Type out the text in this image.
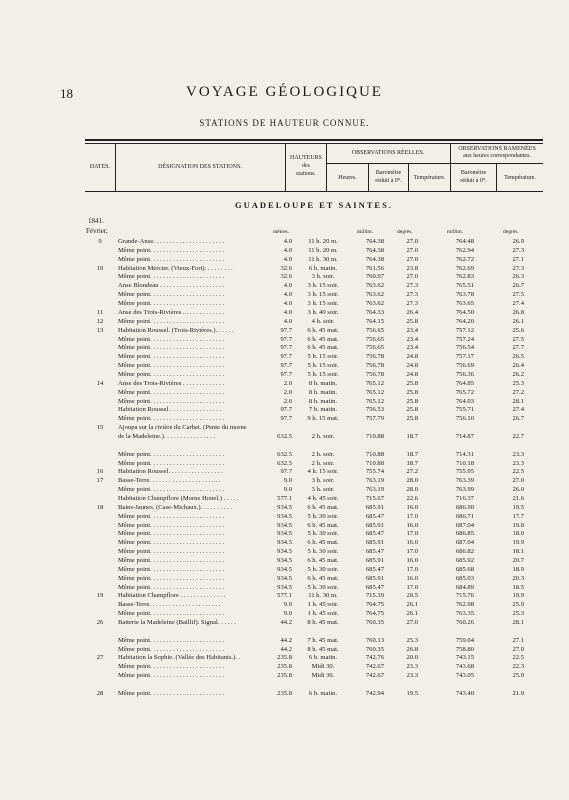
18	VOYAGE GÉOLOGIQUE
STATIONS DE HAUTEUR CONNUE.
DATES.	DÉSIGNATION DES STATIONS.
HAUTEURS
des
stations.
OBSERVATIONS RÉELLES.
OBSERVATIONS RAMENÉES
aux heures correspondantes.
Heures.
Baromètre
réduit à 0°.	Température.
Baromètre
réduit à 0°.	Température.
GUADELOUPE ET SAINTES.
1841.
Février,	mètres.	millim.	degrés.	millim.	degrés.
9	Grande-Anse. . . . . . . . . . . . . . . . . . . . . .	4.0	11 h. 20 m.	764.38	27.0	764.48	26.9
Même point. . . . . . . . . . . . . . . . . . . . . . .	4.0	11 h. 20 m.	764.38	27.0	762.94	27.3
Même point. . . . . . . . . . . . . . . . . . . . . . .	4.0	11 h. 30 m.	764.38	27.0	762.72	27.1
10	Habitation Mercier. (Vieux-Fort). . . . . . . . .	32.6	6 h. matin.	761.56	23.8	762.69	27.3
Même point. . . . . . . . . . . . . . . . . . . . . . .	32.6	3 h. soir.	760.97	27.0	762.83	26.3
Anse Blondeau . . . . . . . . . . . . . . . . . . . .	4.0	3 h. 15 soir.	763.62	27.3	765.51	26.7
Même point. . . . . . . . . . . . . . . . . . . . . . .	4.0	3 h. 15 soir.	763.62	27.3	763.78	27.5
Même point. . . . . . . . . . . . . . . . . . . . . . .	4.0	3 h. 15 soir.	763.62	27.3	763.65	27.4
11	Anse des Trois-Rivières . . . . . . . . . . . . .	4.0	3 h. 40 soir.	764.33	26.4	764.50	26.8
12	Même point. . . . . . . . . . . . . . . . . . . . . . .	4.0	4 h. soir.	764.15	25.8	764.20	26.1
13	Habitation Roussel. (Trois-Rivières.). . . . . .	97.7	6 h. 45 mat.	756.65	23.4	757.12	25.6
Même point. . . . . . . . . . . . . . . . . . . . . . .	97.7	6 h. 45 mat.	756.65	23.4	757.24	27.5
Même point. . . . . . . . . . . . . . . . . . . . . . .	97.7	6 h. 45 mat.	756.65	23.4	756.54	27.7
Même point. . . . . . . . . . . . . . . . . . . . . . .	97.7	5 h. 15 soir.	756.78	24.8	757.17	26.5
Même point. . . . . . . . . . . . . . . . . . . . . . .	97.7	5 h. 15 soir.	756.78	24.8	756.69	26.4
Même point. . . . . . . . . . . . . . . . . . . . . . .	97.7	5 h. 15 soir.	756.78	24.8	756.36	26.2
14	Anse des Trois-Rivières . . . . . . . . . . . . .	2.0	8 h. matin.	765.12	25.8	764.85	25.3
Même point. . . . . . . . . . . . . . . . . . . . . . .	2.0	8 h. matin.	765.12	25.8	765.72	27.2
Même point. . . . . . . . . . . . . . . . . . . . . . .	2.0	8 h. matin.	765.12	25.8	764.03	28.1
Habitation Roussel . . . . . . . . . . . . . . . .	97.7	7 h. matin.	756.53	25.8	755.71	27.4
Même point. . . . . . . . . . . . . . . . . . . . . . .	97.7	9 h. 15 mat.	757.79	25.8	756.10	26.7
15	Ajoupa sur la rivière du Carbet. (Pente du morne
de la Madeleine.). . . . . . . . . . . . . . . .	632.5	2 h. soir.	710.88	18.7	714.87	22.7
Même point. . . . . . . . . . . . . . . . . . . . . . .	632.5	2 h. soir.	710.88	18.7	714.31	23.3
Même point. . . . . . . . . . . . . . . . . . . . . . .	632.5	2 h. soir.	710.88	18.7	710.18	23.3
16	Habitation Roussel. . . . . . . . . . . . . . . . .	97.7	4 h. 15 soir.	755.74	27.2	755.95	22.5
17	Basse-Terre. . . . . . . . . . . . . . . . . . . . . .	9.0	3 h. soir.	763.19	28.0	763.39	27.0
Même point. . . . . . . . . . . . . . . . . . . . . . .	9.0	3 h. soir.	763.19	28.0	763.99	26.0
Habitation Champflore (Morne Houel.) . . . . .	577.1	4 h. 45 soir.	715.67	22.6	716.37	21.6
18	Bains-Jaunes. (Case-Michaux.). . . . . . . . . .	934.5	6 h. 45 mat.	685.91	16.0	686.90	19.5
Même point. . . . . . . . . . . . . . . . . . . . . . .	934.5	5 h. 30 soir.	685.47	17.0	686.71	17.7
Même point. . . . . . . . . . . . . . . . . . . . . . .	934.5	6 h. 45 mat.	685.91	16.0	687.04	19.8
Même point. . . . . . . . . . . . . . . . . . . . . . .	934.5	5 h. 30 soir.	685.47	17.0	686.85	18.0
Même point. . . . . . . . . . . . . . . . . . . . . . .	934.5	6 h. 45 mat.	685.91	16.0	687.04	19.9
Même point. . . . . . . . . . . . . . . . . . . . . . .	934.5	5 h. 30 soir.	685.47	17.0	686.82	18.1
Même point. . . . . . . . . . . . . . . . . . . . . . .	934.5	6 h. 45 mat.	685.91	16.0	685.92	20.7
Même point. . . . . . . . . . . . . . . . . . . . . . .	934.5	5 h. 30 soir.	685.47	17.0	685.68	18.9
Même point. . . . . . . . . . . . . . . . . . . . . . .	934.5	6 h. 45 mat.	685.91	16.0	685.03	20.3
Même point. . . . . . . . . . . . . . . . . . . . . . .	934.5	5 h. 30 soir.	685.47	17.0	684.89	18.5
19	Habitation Champflore . . . . . . . . . . . . . .	577.1	11 h. 30 m.	715.39	20.5	715.76	19.9
Basse-Terre. . . . . . . . . . . . . . . . . . . . . .	9.0	1 h. 45 soir.	764.75	26.1	762.98	25.9
Même point. . . . . . . . . . . . . . . . . . . . . . .	9.0	1 h. 45 soir.	764.75	26.1	763.35	25.3
26	Batterie la Madeleine (Baillif). Signal. . . . . .	44.2	8 h. 45 mat.	760.35	27.0	760.26	28.1
Même point. . . . . . . . . . . . . . . . . . . . . . .	44.2	7 h. 45 mat.	760.13	25.3	759.04	27.1
Même point. . . . . . . . . . . . . . . . . . . . . . .	44.2	8 h. 45 mat.	760.35	26.8	758.80	27.0
27	Habitation la Sophie. (Vallée des Habitants.). .	235.8	6 h. matin.	742.76	20.0	743.15	22.5
Même point. . . . . . . . . . . . . . . . . . . . . . .	235.8	Midi 30.	742.67	23.3	743.68	22.3
Même point. . . . . . . . . . . . . . . . . . . . . . .	235.8	Midi 30.	742.67	23.3	743.05	25.0
28	Même point. . . . . . . . . . . . . . . . . . . . . . .	235.8	6 h. matin.	742.94	19.5	743.40	21.9
